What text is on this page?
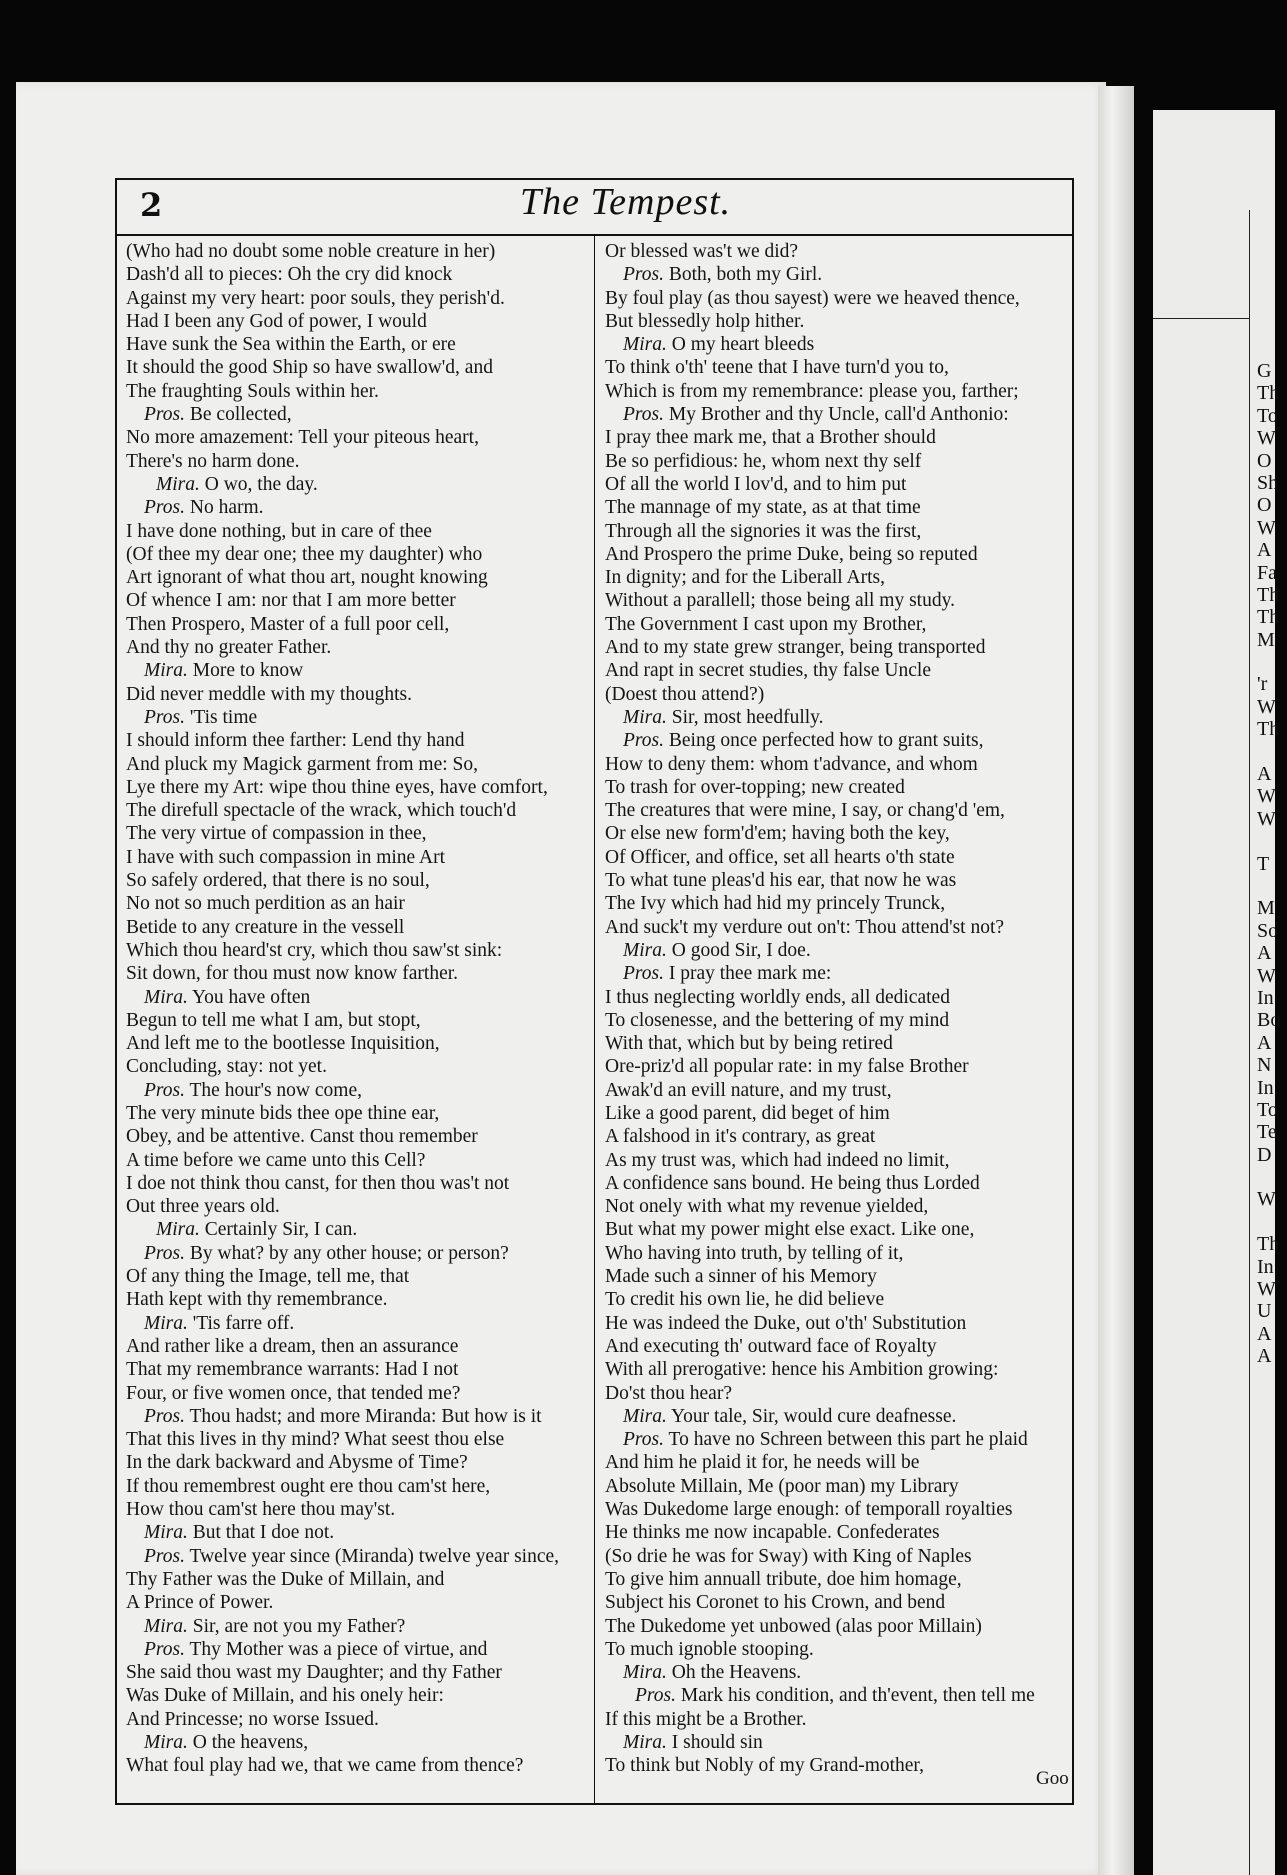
G
Th
To
W
O
Sh
O
W
A
Fa
Th
Th
M
'r
W
Th
A
W
W
T
M
So
A
W
In
Bo
A
N
In
To
Te
D
W
Th
In
W
U
A
A
2	The Tempest.
(Who had no doubt some noble creature in her)
Dash'd all to pieces: Oh the cry did knock
Against my very heart: poor souls, they perish'd.
Had I been any God of power, I would
Have sunk the Sea within the Earth, or ere
It should the good Ship so have swallow'd, and
The fraughting Souls within her.
Pros. Be collected,
No more amazement: Tell your piteous heart,
There's no harm done.
Mira. O wo, the day.
Pros. No harm.
I have done nothing, but in care of thee
(Of thee my dear one; thee my daughter) who
Art ignorant of what thou art, nought knowing
Of whence I am: nor that I am more better
Then Prospero, Master of a full poor cell,
And thy no greater Father.
Mira. More to know
Did never meddle with my thoughts.
Pros. 'Tis time
I should inform thee farther: Lend thy hand
And pluck my Magick garment from me: So,
Lye there my Art: wipe thou thine eyes, have comfort,
The direfull spectacle of the wrack, which touch'd
The very virtue of compassion in thee,
I have with such compassion in mine Art
So safely ordered, that there is no soul,
No not so much perdition as an hair
Betide to any creature in the vessell
Which thou heard'st cry, which thou saw'st sink:
Sit down, for thou must now know farther.
Mira. You have often
Begun to tell me what I am, but stopt,
And left me to the bootlesse Inquisition,
Concluding, stay: not yet.
Pros. The hour's now come,
The very minute bids thee ope thine ear,
Obey, and be attentive. Canst thou remember
A time before we came unto this Cell?
I doe not think thou canst, for then thou was't not
Out three years old.
Mira. Certainly Sir, I can.
Pros. By what? by any other house; or person?
Of any thing the Image, tell me, that
Hath kept with thy remembrance.
Mira. 'Tis farre off.
And rather like a dream, then an assurance
That my remembrance warrants: Had I not
Four, or five women once, that tended me?
Pros. Thou hadst; and more Miranda: But how is it
That this lives in thy mind? What seest thou else
In the dark backward and Abysme of Time?
If thou remembrest ought ere thou cam'st here,
How thou cam'st here thou may'st.
Mira. But that I doe not.
Pros. Twelve year since (Miranda) twelve year since,
Thy Father was the Duke of Millain, and
A Prince of Power.
Mira. Sir, are not you my Father?
Pros. Thy Mother was a piece of virtue, and
She said thou wast my Daughter; and thy Father
Was Duke of Millain, and his onely heir:
And Princesse; no worse Issued.
Mira. O the heavens,
What foul play had we, that we came from thence?
Or blessed was't we did?
Pros. Both, both my Girl.
By foul play (as thou sayest) were we heaved thence,
But blessedly holp hither.
Mira. O my heart bleeds
To think o'th' teene that I have turn'd you to,
Which is from my remembrance: please you, farther;
Pros. My Brother and thy Uncle, call'd Anthonio:
I pray thee mark me, that a Brother should
Be so perfidious: he, whom next thy self
Of all the world I lov'd, and to him put
The mannage of my state, as at that time
Through all the signories it was the first,
And Prospero the prime Duke, being so reputed
In dignity; and for the Liberall Arts,
Without a parallell; those being all my study.
The Government I cast upon my Brother,
And to my state grew stranger, being transported
And rapt in secret studies, thy false Uncle
(Doest thou attend?)
Mira. Sir, most heedfully.
Pros. Being once perfected how to grant suits,
How to deny them: whom t'advance, and whom
To trash for over-topping; new created
The creatures that were mine, I say, or chang'd 'em,
Or else new form'd'em; having both the key,
Of Officer, and office, set all hearts o'th state
To what tune pleas'd his ear, that now he was
The Ivy which had hid my princely Trunck,
And suck't my verdure out on't: Thou attend'st not?
Mira. O good Sir, I doe.
Pros. I pray thee mark me:
I thus neglecting worldly ends, all dedicated
To closenesse, and the bettering of my mind
With that, which but by being retired
Ore-priz'd all popular rate: in my false Brother
Awak'd an evill nature, and my trust,
Like a good parent, did beget of him
A falshood in it's contrary, as great
As my trust was, which had indeed no limit,
A confidence sans bound. He being thus Lorded
Not onely with what my revenue yielded,
But what my power might else exact. Like one,
Who having into truth, by telling of it,
Made such a sinner of his Memory
To credit his own lie, he did believe
He was indeed the Duke, out o'th' Substitution
And executing th' outward face of Royalty
With all prerogative: hence his Ambition growing:
Do'st thou hear?
Mira. Your tale, Sir, would cure deafnesse.
Pros. To have no Schreen between this part he plaid
And him he plaid it for, he needs will be
Absolute Millain, Me (poor man) my Library
Was Dukedome large enough: of temporall royalties
He thinks me now incapable. Confederates
(So drie he was for Sway) with King of Naples
To give him annuall tribute, doe him homage,
Subject his Coronet to his Crown, and bend
The Dukedome yet unbowed (alas poor Millain)
To much ignoble stooping.
Mira. Oh the Heavens.
Pros. Mark his condition, and th'event, then tell me
If this might be a Brother.
Mira. I should sin
To think but Nobly of my Grand-mother,
Goo
